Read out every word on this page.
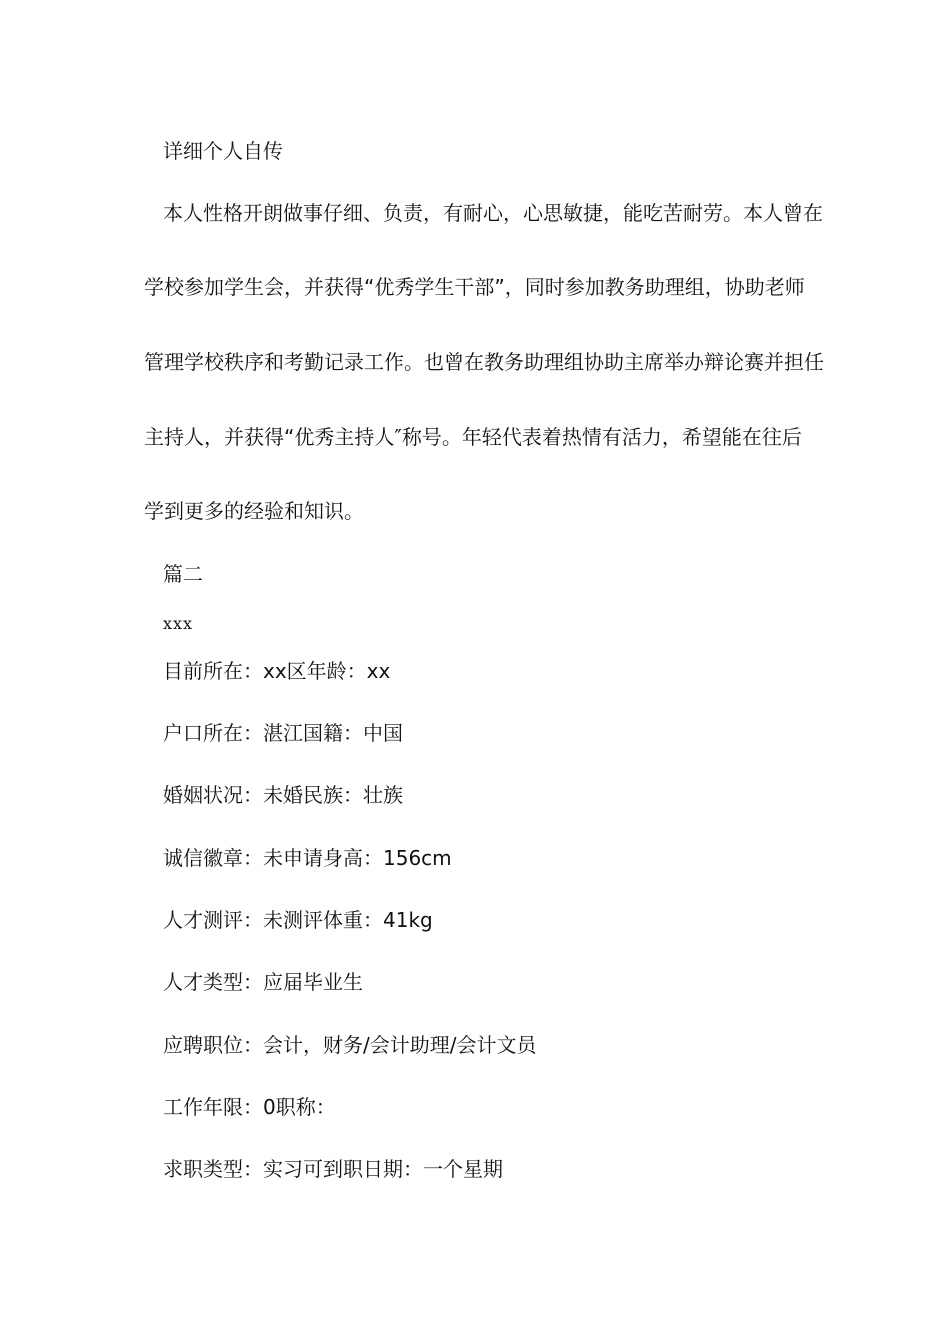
详细个人自传
本人性格开朗做事仔细、负责，有耐心，心思敏捷，能吃苦耐劳。本人曾在
学校参加学生会，并获得“优秀学生干部”，同时参加教务助理组，协助老师
管理学校秩序和考勤记录工作。也曾在教务助理组协助主席举办辩论赛并担任
主持人，并获得“优秀主持人″称号。年轻代表着热情有活力，希望能在往后
学到更多的经验和知识。
篇二
xxx
目前所在：xx区年龄：xx
户口所在：湛江国籍：中国
婚姻状况：未婚民族：壮族
诚信徽章：未申请身高：156cm
人才测评：未测评体重：41kg
人才类型：应届毕业生
应聘职位：会计，财务/会计助理/会计文员
工作年限：0职称：
求职类型：实习可到职日期：一个星期
